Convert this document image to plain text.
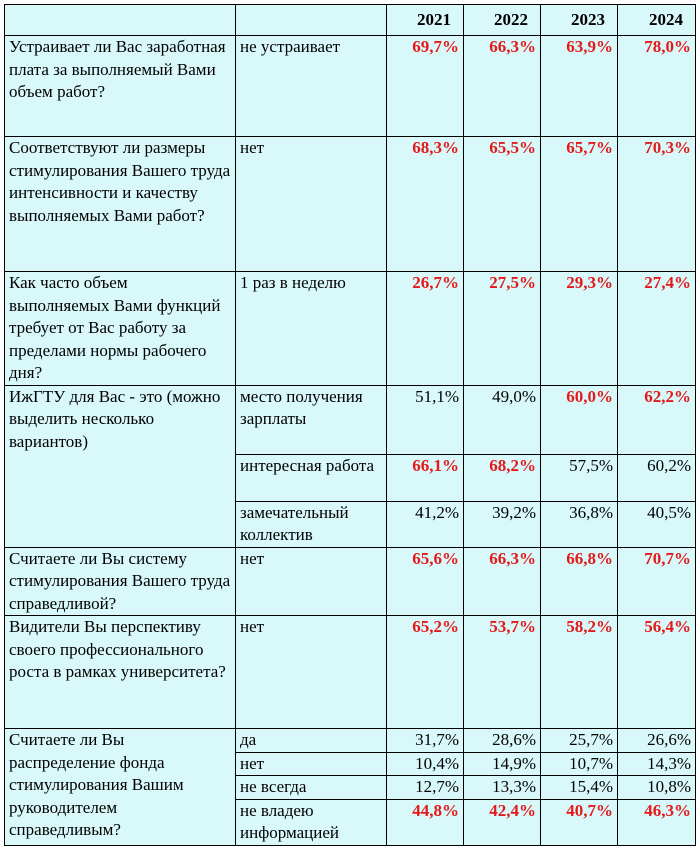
		2021	2022	2023	2024
Устраивает ли Вас заработная плата за выполняемый Вами объем работ?	не устраивает	69,7%	66,3%	63,9%	78,0%
Соответствуют ли размеры стимулирования Вашего труда интенсивности и качеству выполняемых Вами работ?	нет	68,3%	65,5%	65,7%	70,3%
Как часто объем выполняемых Вами функций требует от Вас работу за пределами нормы рабочего дня?	1 раз в неделю	26,7%	27,5%	29,3%	27,4%
ИжГТУ для Вас - это (можно выделить несколько вариантов)	место получения зарплаты	51,1%	49,0%	60,0%	62,2%
	интересная работа	66,1%	68,2%	57,5%	60,2%
	замечательный коллектив	41,2%	39,2%	36,8%	40,5%
Считаете ли Вы систему стимулирования Вашего труда справедливой?	нет	65,6%	66,3%	66,8%	70,7%
Видители Вы перспективу своего профессионального роста в рамках университета?	нет	65,2%	53,7%	58,2%	56,4%
Считаете ли Вы распределение фонда стимулирования Вашим руководителем справедливым?	да	31,7%	28,6%	25,7%	26,6%
	нет	10,4%	14,9%	10,7%	14,3%
	не всегда	12,7%	13,3%	15,4%	10,8%
	не владею информацией	44,8%	42,4%	40,7%	46,3%
